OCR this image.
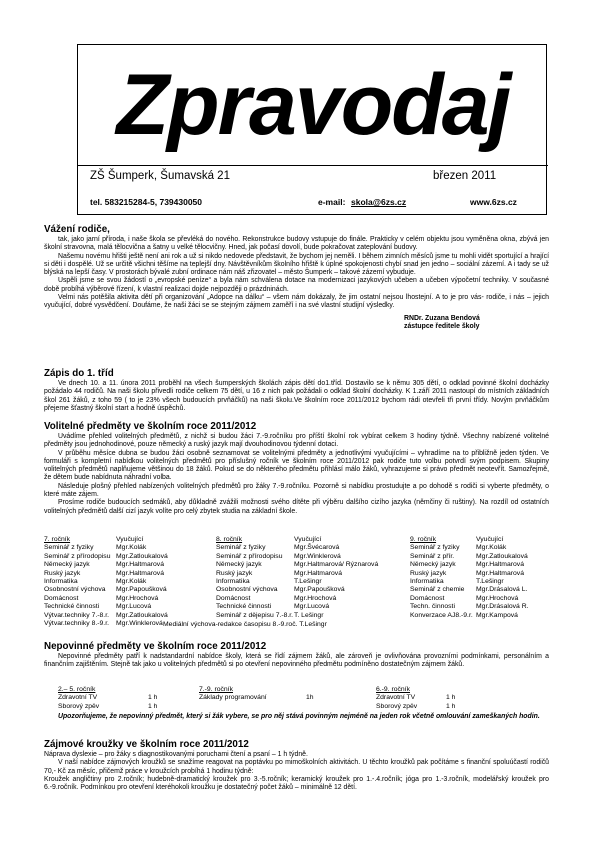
Zpravodaj
ZŠ Šumperk, Šumavská 21	březen 2011
tel. 583215284-5, 739430050	e-mail: skola@6zs.cz	www.6zs.cz
Vážení rodiče,

tak, jako jarní příroda, i naše škola se převléká do nového. Rekonstrukce budovy vstupuje do finále. Prakticky v celém objektu jsou vyměněna okna, zbývá jen školní stravovna, malá tělocvična a šatny u velké tělocvičny. Hned, jak počasí dovolí, bude pokračovat zateplování budovy.

Našemu novému hřišti ještě není ani rok a už si nikdo nedovede představit, že bychom jej neměli. I během zimních měsíců jsme tu mohli vidět sportující a hrající si děti i dospělé. Už se určitě všichni těšíme na teplejší dny. Návštěvníkům školního hřiště k úplné spokojenosti chybí snad jen jedno – sociální zázemí. A i tady se už blýská na lepší časy. V prostorách bývalé zubní ordinace nám náš zřizovatel – město Šumperk – takové zázemí vybuduje.

Uspěli jsme se svou žádostí o „evropské peníze“ a byla nám schválena dotace na modernizaci jazykových učeben a učeben výpočetní techniky. V současné době probíhá výběrové řízení, k vlastní realizaci dojde nejpozději o prázdninách.

Velmi nás potěšila aktivita dětí při organizování „Adopce na dálku“ – všem nám dokázaly, že jim ostatní nejsou lhostejní. A to je pro vás- rodiče, i nás – jejich vyučující, dobré vysvědčení. Doufáme, že naši žáci se se stejným zájmem zaměří i na své vlastní studijní výsledky.

RNDr. Zuzana Bendová

zástupce ředitele školy

Zápis do 1. tříd

Ve dnech 10. a 11. února 2011 proběhl na všech šumperských školách zápis dětí do1.tříd. Dostavilo se k němu 305 dětí, o odklad povinné školní docházky požádalo 44 rodičů. Na naši školu přivedli rodiče celkem 75 dětí, u 16 z nich pak požádali o odklad školní docházky. K 1.září 2011 nastoupí do místních základních škol 261 žáků, z toho 59 ( to je 23% všech budoucích prvňáčků) na naši školu.Ve školním roce 2011/2012 bychom rádi otevřeli tři první třídy. Novým prvňáčkům přejeme šťastný školní start a hodně úspěchů.

Volitelné předměty ve školním roce 2011/2012

Uvádíme přehled volitelných předmětů, z nichž si budou žáci 7.-9.ročníku pro příští školní rok vybírat celkem 3 hodiny týdně. Všechny nabízené volitelné předměty jsou jednohodinové, pouze německý a ruský jazyk mají dvouhodinovou týdenní dotaci.

V průběhu měsíce dubna se budou žáci osobně seznamovat se volitelnými předměty a jednotlivými vyučujícími – vyhradíme na to přibližně jeden týden. Ve formuláři s kompletní nabídkou volitelných předmětů pro příslušný ročník ve školním roce 2011/2012 pak rodiče tuto volbu potvrdí svým podpisem. Skupiny volitelných předmětů naplňujeme většinou do 18 žáků. Pokud se do některého předmětu přihlásí málo žáků, vyhrazujeme si právo předmět neotevřít. Samozřejmě, že dětem bude nabídnuta náhradní volba.

Následuje plošný přehled nabízených volitelných předmětů pro žáky 7.-9.ročníku. Pozorně si nabídku prostudujte a po dohodě s rodiči si vyberte předměty, o které máte zájem.

Prosíme rodiče budoucích sedmáků, aby důkladně zvážili možnosti svého dítěte při výběru dalšího cizího jazyka (němčiny či ruštiny). Na rozdíl od ostatních volitelných předmětů další cizí jazyk volíte pro celý zbytek studia na základní škole.

7. ročník	Vyučující
Seminář z fyziky	Mgr.Kolák
Seminář z přírodopisu	Mgr.Zatloukalová
Německý jazyk	Mgr.Haltmarová
Ruský jazyk	Mgr.Haltmarová
Informatika	Mgr.Kolák
Osobnostní výchova	Mgr.Papoušková
Domácnost	Mgr.Hrochová
Technické činnosti	Mgr.Lucová
Výtvar.techniky 7.-8.r.	Mgr.Zatloukalová
Výtvar.techniky 8.-9.r.	Mgr.Winklerová
8. ročník	Vyučující
Seminář z fyziky	Mgr.Švécarová
Seminář z přírodopisu	Mgr.Winklerová
Německý jazyk	Mgr.Haltmarová/ Rýznarová
Ruský jazyk	Mgr.Haltmarová
Informatika	T.Lešingr
Osobnostní výchova	Mgr.Papoušková
Domácnost	Mgr.Hrochová
Technické činnosti	Mgr.Lucová
Seminář z dějepisu 7.-8.r.	T. Lešingr
Mediální výchova-redakce časopisu 8.-9.roč. T.Lešingr
9. ročník	Vyučující
Seminář z fyziky	Mgr.Kolák
Seminář z přír.	Mgr.Zatloukalová
Německý jazyk	Mgr.Haltmarová
Ruský jazyk	Mgr.Haltmarová
Informatika	T.Lešingr
Seminář z chemie	Mgr.Drásalová L.
Domácnost	Mgr.Hrochová
Techn. činnosti	Mgr.Drásalová R.
Konverzace AJ8.-9.r.	Mgr.Kampová
Nepovinné předměty ve školním roce 2011/2012

Nepovinné předměty patří k nadstandardní nabídce školy, která se řídí zájmem žáků, ale zároveň je ovlivňována provozními podmínkami, personálním a finančním zajištěním. Stejně tak jako u volitelných předmětů si po otevření nepovinného předmětu podmíněno dostatečným zájmem žáků.

2.– 5. ročník	
Zdravotní TV	1 h
Sborový zpěv	1 h
7.-9. ročník
Základy programování	1h
6.-9. ročník	
Zdravotní TV	1 h
Sborový zpěv	1 h

Upozorňujeme, že nepovinný předmět, který si žák vybere, se pro něj stává povinným nejméně na jeden rok včetně omlouvání zameškaných hodin.

Zájmové kroužky ve školním roce 2011/2012

Náprava dyslexie – pro žáky s diagnostikovanými poruchami čtení a psaní – 1 h týdně.

V naší nabídce zájmových kroužků se snažíme reagovat na poptávku po mimoškolních aktivitách. U těchto kroužků pak počítáme s finanční spoluúčastí rodičů 70,- Kč za měsíc, přičemž práce v kroužcích probíhá 1 hodinu týdně:

Kroužek angličtiny pro 2.ročník; hudebně-dramatický kroužek pro 3.-5.ročník; keramický kroužek pro 1.-.4.ročník; jóga pro 1.-3.ročník, modelářský kroužek pro 6.-9.ročník. Podmínkou pro otevření kteréhokoli kroužku je dostatečný počet žáků – minimálně 12 dětí.
